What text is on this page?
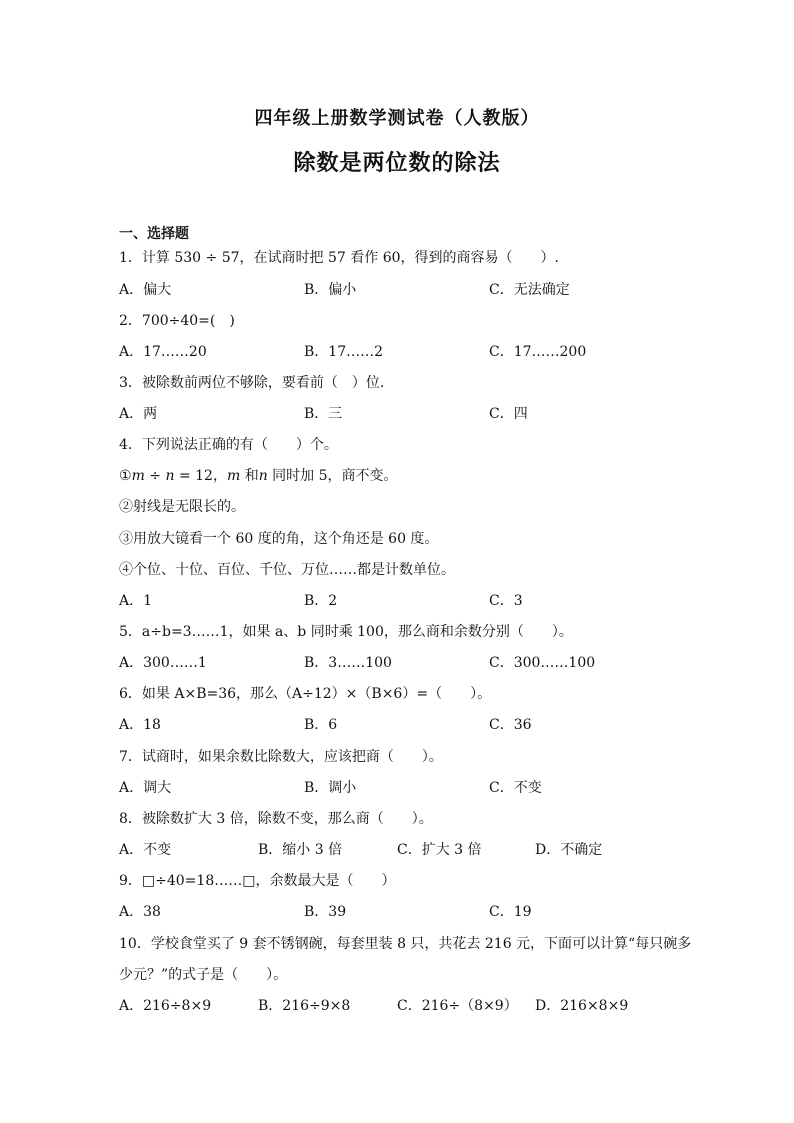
四年级上册数学测试卷（人教版）
除数是两位数的除法
一、选择题
1．计算 530 ÷ 57，在试商时把 57 看作 60，得到的商容易（　　）.
A．偏大	B．偏小	C．无法确定
2．700÷40=(　)
A．17……20	B．17……2	C．17……200
3．被除数前两位不够除，要看前（　）位.
A．两	B．三	C．四
4．下列说法正确的有（　　）个。
①m ÷ n = 12，m 和n 同时加 5，商不变。
②射线是无限长的。
③用放大镜看一个 60 度的角，这个角还是 60 度。
④个位、十位、百位、千位、万位……都是计数单位。
A．1	B．2	C．3
5．a÷b=3……1，如果 a、b 同时乘 100，那么商和余数分别（　　）。
A．300……1	B．3……100	C．300……100
6．如果 A×B=36，那么（A÷12）×（B×6）=（　　）。
A．18	B．6	C．36
7．试商时，如果余数比除数大，应该把商（　　）。
A．调大	B．调小	C．不变
8．被除数扩大 3 倍，除数不变，那么商（　　）。
A．不变	B．缩小 3 倍	C．扩大 3 倍	D．不确定
9．□÷40=18……□，余数最大是（　　）
A．38	B．39	C．19
10．学校食堂买了 9 套不锈钢碗，每套里装 8 只，共花去 216 元，下面可以计算“每只碗多
少元？”的式子是（　　）。
A．216÷8×9	B．216÷9×8	C．216÷（8×9） D．216×8×9
